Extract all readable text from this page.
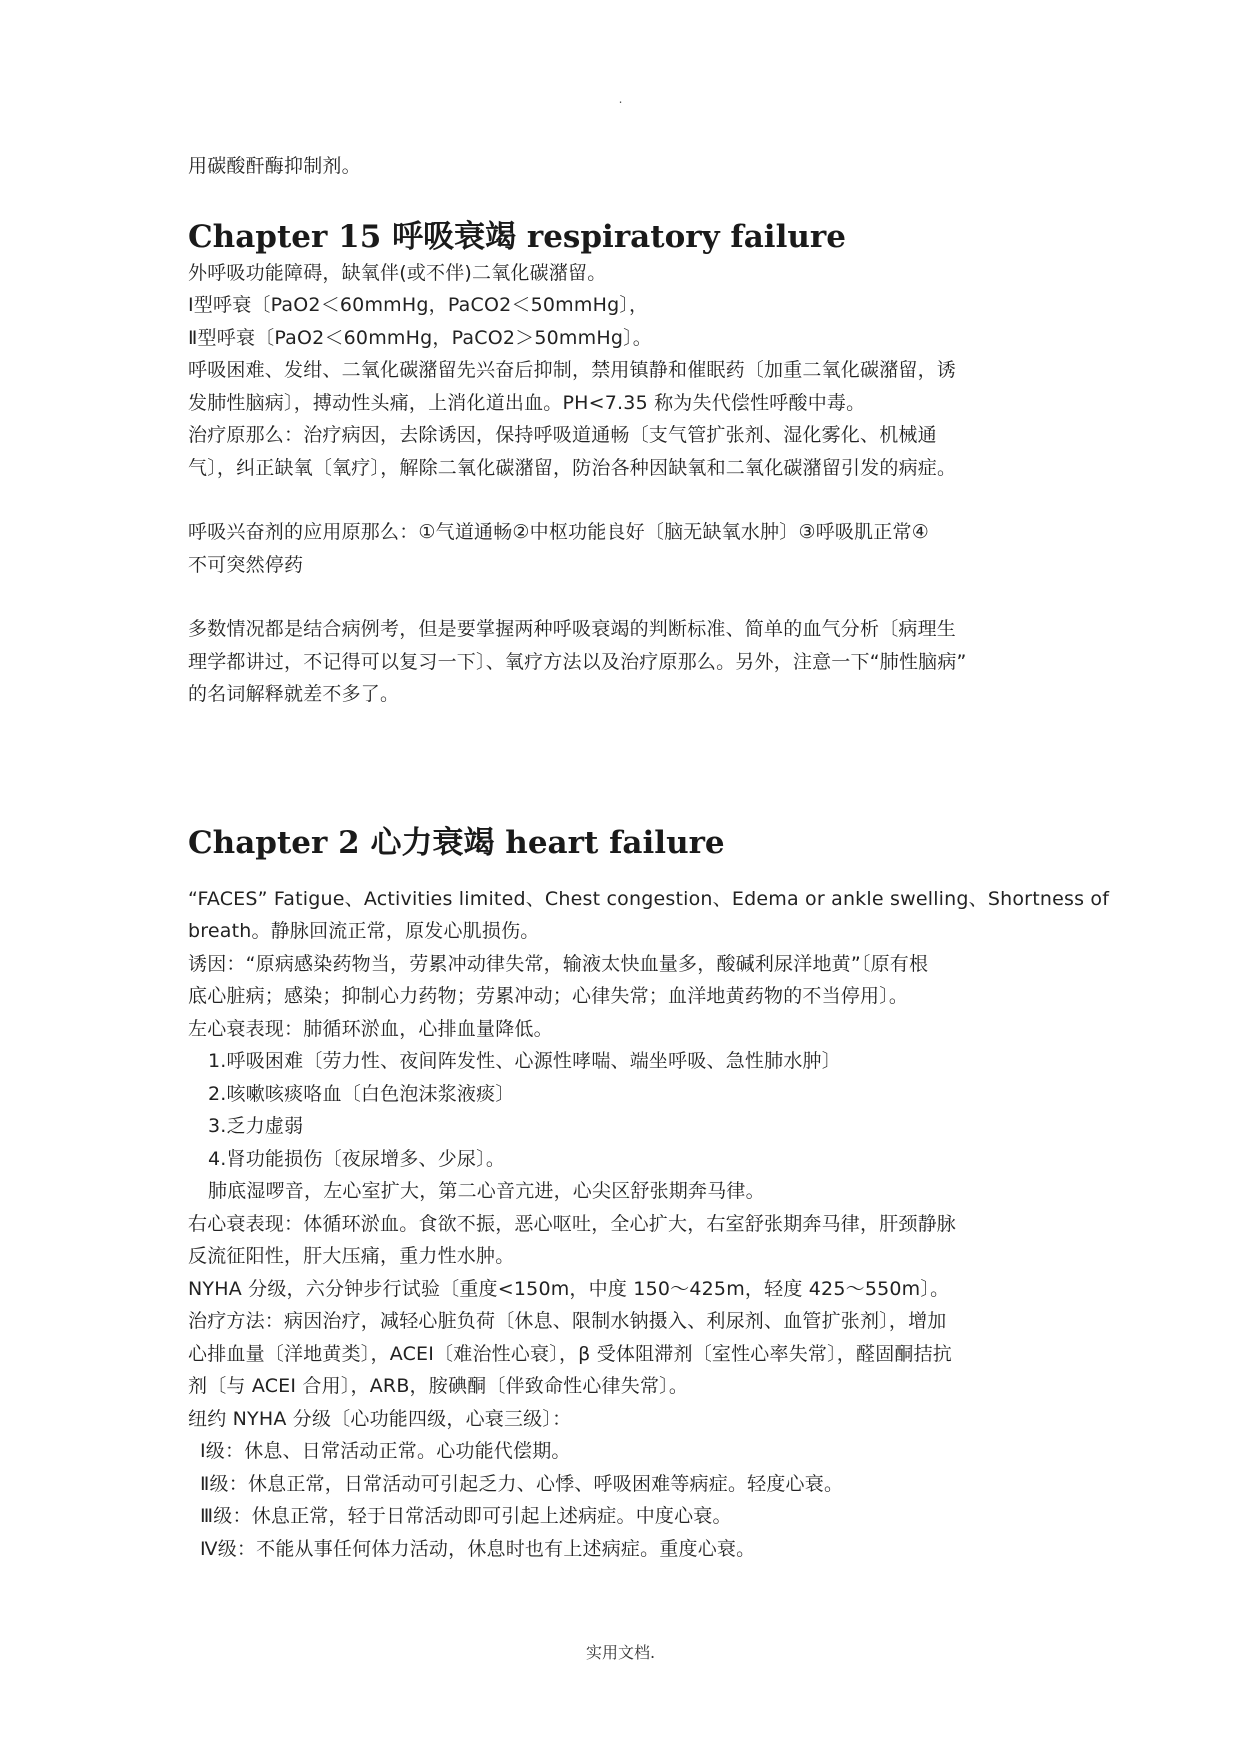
.
用碳酸酐酶抑制剂。
Chapter 15 呼吸衰竭 respiratory failure
外呼吸功能障碍，缺氧伴(或不伴)二氧化碳潴留。
Ⅰ型呼衰〔PaO2＜60mmHg，PaCO2＜50mmHg〕，
Ⅱ型呼衰〔PaO2＜60mmHg，PaCO2＞50mmHg〕。
呼吸困难、发绀、二氧化碳潴留先兴奋后抑制，禁用镇静和催眠药〔加重二氧化碳潴留，诱
发肺性脑病〕，搏动性头痛，上消化道出血。PH<7.35 称为失代偿性呼酸中毒。
治疗原那么：治疗病因，去除诱因，保持呼吸道通畅〔支气管扩张剂、湿化雾化、机械通
气〕，纠正缺氧〔氧疗〕，解除二氧化碳潴留，防治各种因缺氧和二氧化碳潴留引发的病症。
呼吸兴奋剂的应用原那么：①气道通畅②中枢功能良好〔脑无缺氧水肿〕③呼吸肌正常④
不可突然停药
多数情况都是结合病例考，但是要掌握两种呼吸衰竭的判断标准、简单的血气分析〔病理生
理学都讲过，不记得可以复习一下〕、氧疗方法以及治疗原那么。另外，注意一下“肺性脑病”
的名词解释就差不多了。
Chapter 2 心力衰竭 heart failure
“FACES” Fatigue、Activities limited、Chest congestion、Edema or ankle swelling、Shortness of
breath。静脉回流正常，原发心肌损伤。
诱因：“原病感染药物当，劳累冲动律失常，输液太快血量多，酸碱利尿洋地黄”〔原有根
底心脏病；感染；抑制心力药物；劳累冲动；心律失常；血洋地黄药物的不当停用〕。
左心衰表现：肺循环淤血，心排血量降低。
1.呼吸困难〔劳力性、夜间阵发性、心源性哮喘、端坐呼吸、急性肺水肿〕
2.咳嗽咳痰咯血〔白色泡沫浆液痰〕
3.乏力虚弱
4.肾功能损伤〔夜尿增多、少尿〕。
肺底湿啰音，左心室扩大，第二心音亢进，心尖区舒张期奔马律。
右心衰表现：体循环淤血。食欲不振，恶心呕吐，全心扩大，右室舒张期奔马律，肝颈静脉
反流征阳性，肝大压痛，重力性水肿。
NYHA 分级，六分钟步行试验〔重度<150m，中度 150～425m，轻度 425～550m〕。
治疗方法：病因治疗，减轻心脏负荷〔休息、限制水钠摄入、利尿剂、血管扩张剂〕，增加
心排血量〔洋地黄类〕，ACEI〔难治性心衰〕，β 受体阻滞剂〔室性心率失常〕，醛固酮拮抗
剂〔与 ACEI 合用〕，ARB，胺碘酮〔伴致命性心律失常〕。
纽约 NYHA 分级〔心功能四级，心衰三级〕：
Ⅰ级：休息、日常活动正常。心功能代偿期。
Ⅱ级：休息正常，日常活动可引起乏力、心悸、呼吸困难等病症。轻度心衰。
Ⅲ级：休息正常，轻于日常活动即可引起上述病症。中度心衰。
Ⅳ级：不能从事任何体力活动，休息时也有上述病症。重度心衰。
实用文档.
